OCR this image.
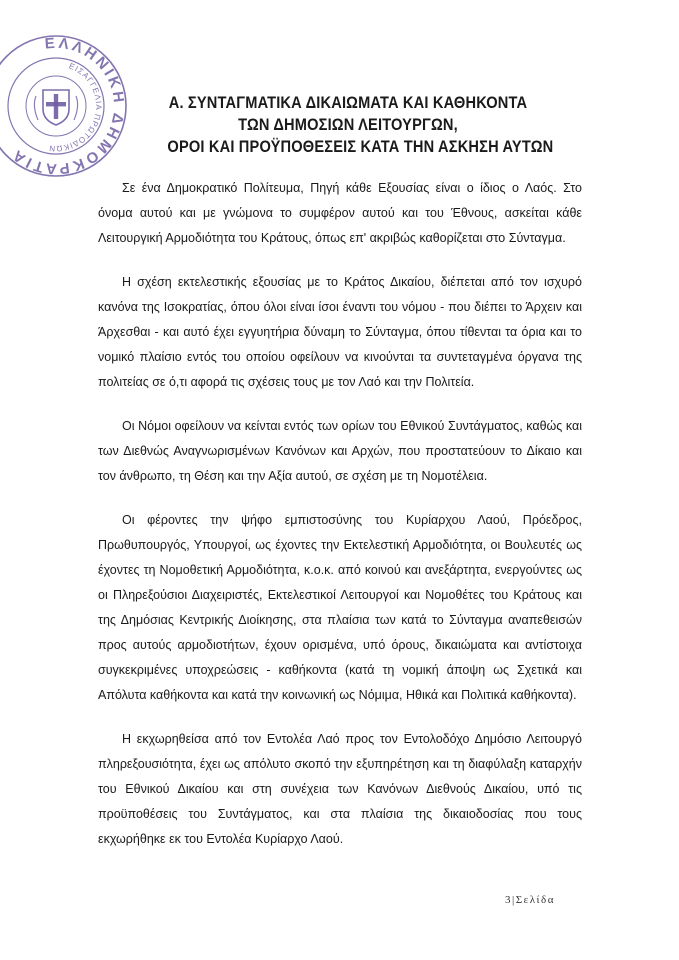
ΕΛΛΗΝΙΚΗ ΔΗΜΟΚΡΑΤΙΑ
ΕΙΣΑΓΓΕΛΙΑ ΠΡΩΤΟΔΙΚΩΝ
Α. ΣΥΝΤΑΓΜΑΤΙΚΑ ΔΙΚΑΙΩΜΑΤΑ ΚΑΙ ΚΑΘΗΚΟΝΤΑ
ΤΩΝ ΔΗΜΟΣΙΩΝ ΛΕΙΤΟΥΡΓΩΝ,
ΟΡΟΙ ΚΑΙ ΠΡΟΫΠΟΘΕΣΕΙΣ ΚΑΤΑ ΤΗΝ ΑΣΚΗΣΗ ΑΥΤΩΝ

Σε ένα Δημοκρατικό Πολίτευμα, Πηγή κάθε Εξουσίας είναι ο ίδιος ο Λαός. Στο όνομα αυτού και με γνώμονα το συμφέρον αυτού και του Έθνους, ασκείται κάθε Λειτουργική Αρμοδιότητα του Κράτους, όπως επ' ακριβώς καθορίζεται στο Σύνταγμα.

Η σχέση εκτελεστικής εξουσίας με το Κράτος Δικαίου, διέπεται από τον ισχυρό κανόνα της Ισοκρατίας, όπου όλοι είναι ίσοι έναντι του νόμου - που διέπει το Άρχειν και Άρχεσθαι - και αυτό έχει εγγυητήρια δύναμη το Σύνταγμα, όπου τίθενται τα όρια και το νομικό πλαίσιο εντός του οποίου οφείλουν να κινούνται τα συντεταγμένα όργανα της πολιτείας σε ό,τι αφορά τις σχέσεις τους με τον Λαό και την Πολιτεία.

Οι Νόμοι οφείλουν να κείνται εντός των ορίων του Εθνικού Συντάγματος, καθώς και των Διεθνώς Αναγνωρισμένων Κανόνων και Αρχών, που προστατεύουν το Δίκαιο και τον άνθρωπο, τη Θέση και την Αξία αυτού, σε σχέση με τη Νομοτέλεια.

Οι φέροντες την ψήφο εμπιστοσύνης του Κυρίαρχου Λαού, Πρόεδρος, Πρωθυπουργός, Υπουργοί, ως έχοντες την Εκτελεστική Αρμοδιότητα, οι Βουλευτές ως έχοντες τη Νομοθετική Αρμοδιότητα, κ.ο.κ. από κοινού και ανεξάρτητα, ενεργούντες ως οι Πληρεξούσιοι Διαχειριστές, Εκτελεστικοί Λειτουργοί και Νομοθέτες του Κράτους και της Δημόσιας Κεντρικής Διοίκησης, στα πλαίσια των κατά το Σύνταγμα αναπεθεισών προς αυτούς αρμοδιοτήτων, έχουν ορισμένα, υπό όρους, δικαιώματα και αντίστοιχα συγκεκριμένες υποχρεώσεις - καθήκοντα (κατά τη νομική άποψη ως Σχετικά και Απόλυτα καθήκοντα και κατά την κοινωνική ως Νόμιμα, Ηθικά και Πολιτικά καθήκοντα).

Η εκχωρηθείσα από τον Εντολέα Λαό προς τον Εντολοδόχο Δημόσιο Λειτουργό πληρεξουσιότητα, έχει ως απόλυτο σκοπό την εξυπηρέτηση και τη διαφύλαξη καταρχήν του Εθνικού Δικαίου και στη συνέχεια των Κανόνων Διεθνούς Δικαίου, υπό τις προϋποθέσεις του Συντάγματος, και στα πλαίσια της δικαιοδοσίας που τους εκχωρήθηκε εκ του Εντολέα Κυρίαρχο Λαού.

3|Σελίδα
